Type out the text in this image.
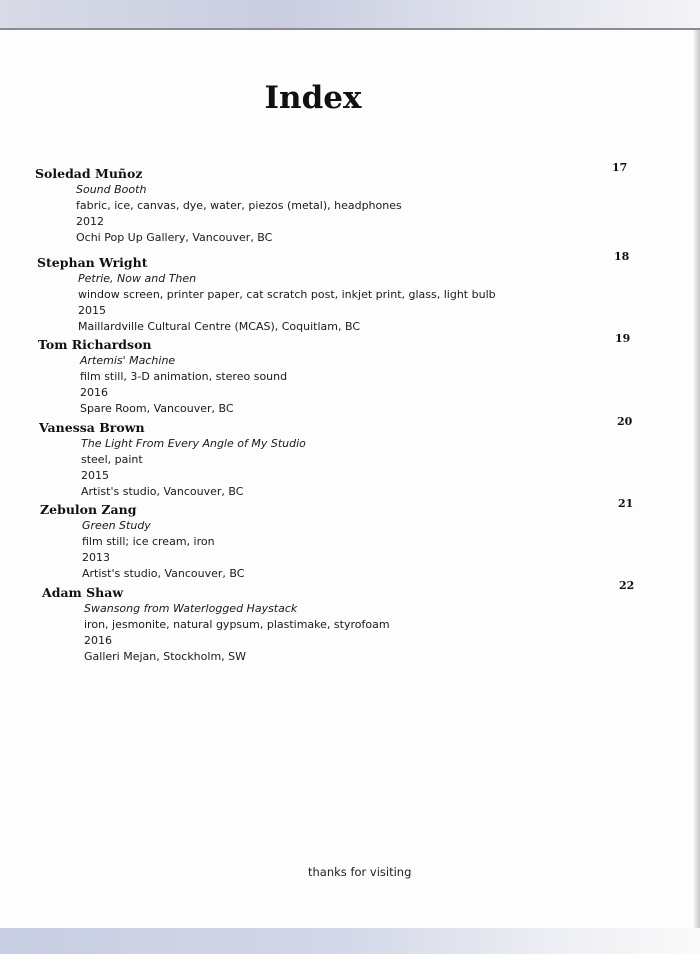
Index
Soledad Muñoz
Sound Booth
fabric, ice, canvas, dye, water, piezos (metal), headphones
2012
Ochi Pop Up Gallery, Vancouver, BC
17
Stephan Wright
Petrie, Now and Then
window screen, printer paper, cat scratch post, inkjet print, glass, light bulb
2015
Maillardville Cultural Centre (MCAS), Coquitlam, BC
18
Tom Richardson
Artemis' Machine
film still, 3-D animation, stereo sound
2016
Spare Room, Vancouver, BC
19
Vanessa Brown
The Light From Every Angle of My Studio
steel, paint
2015
Artist's studio, Vancouver, BC
20
Zebulon Zang
Green Study
film still; ice cream, iron
2013
Artist's studio, Vancouver, BC
21
Adam Shaw
Swansong from Waterlogged Haystack
iron, jesmonite, natural gypsum, plastimake, styrofoam
2016
Galleri Mejan, Stockholm, SW
22
thanks for visiting
